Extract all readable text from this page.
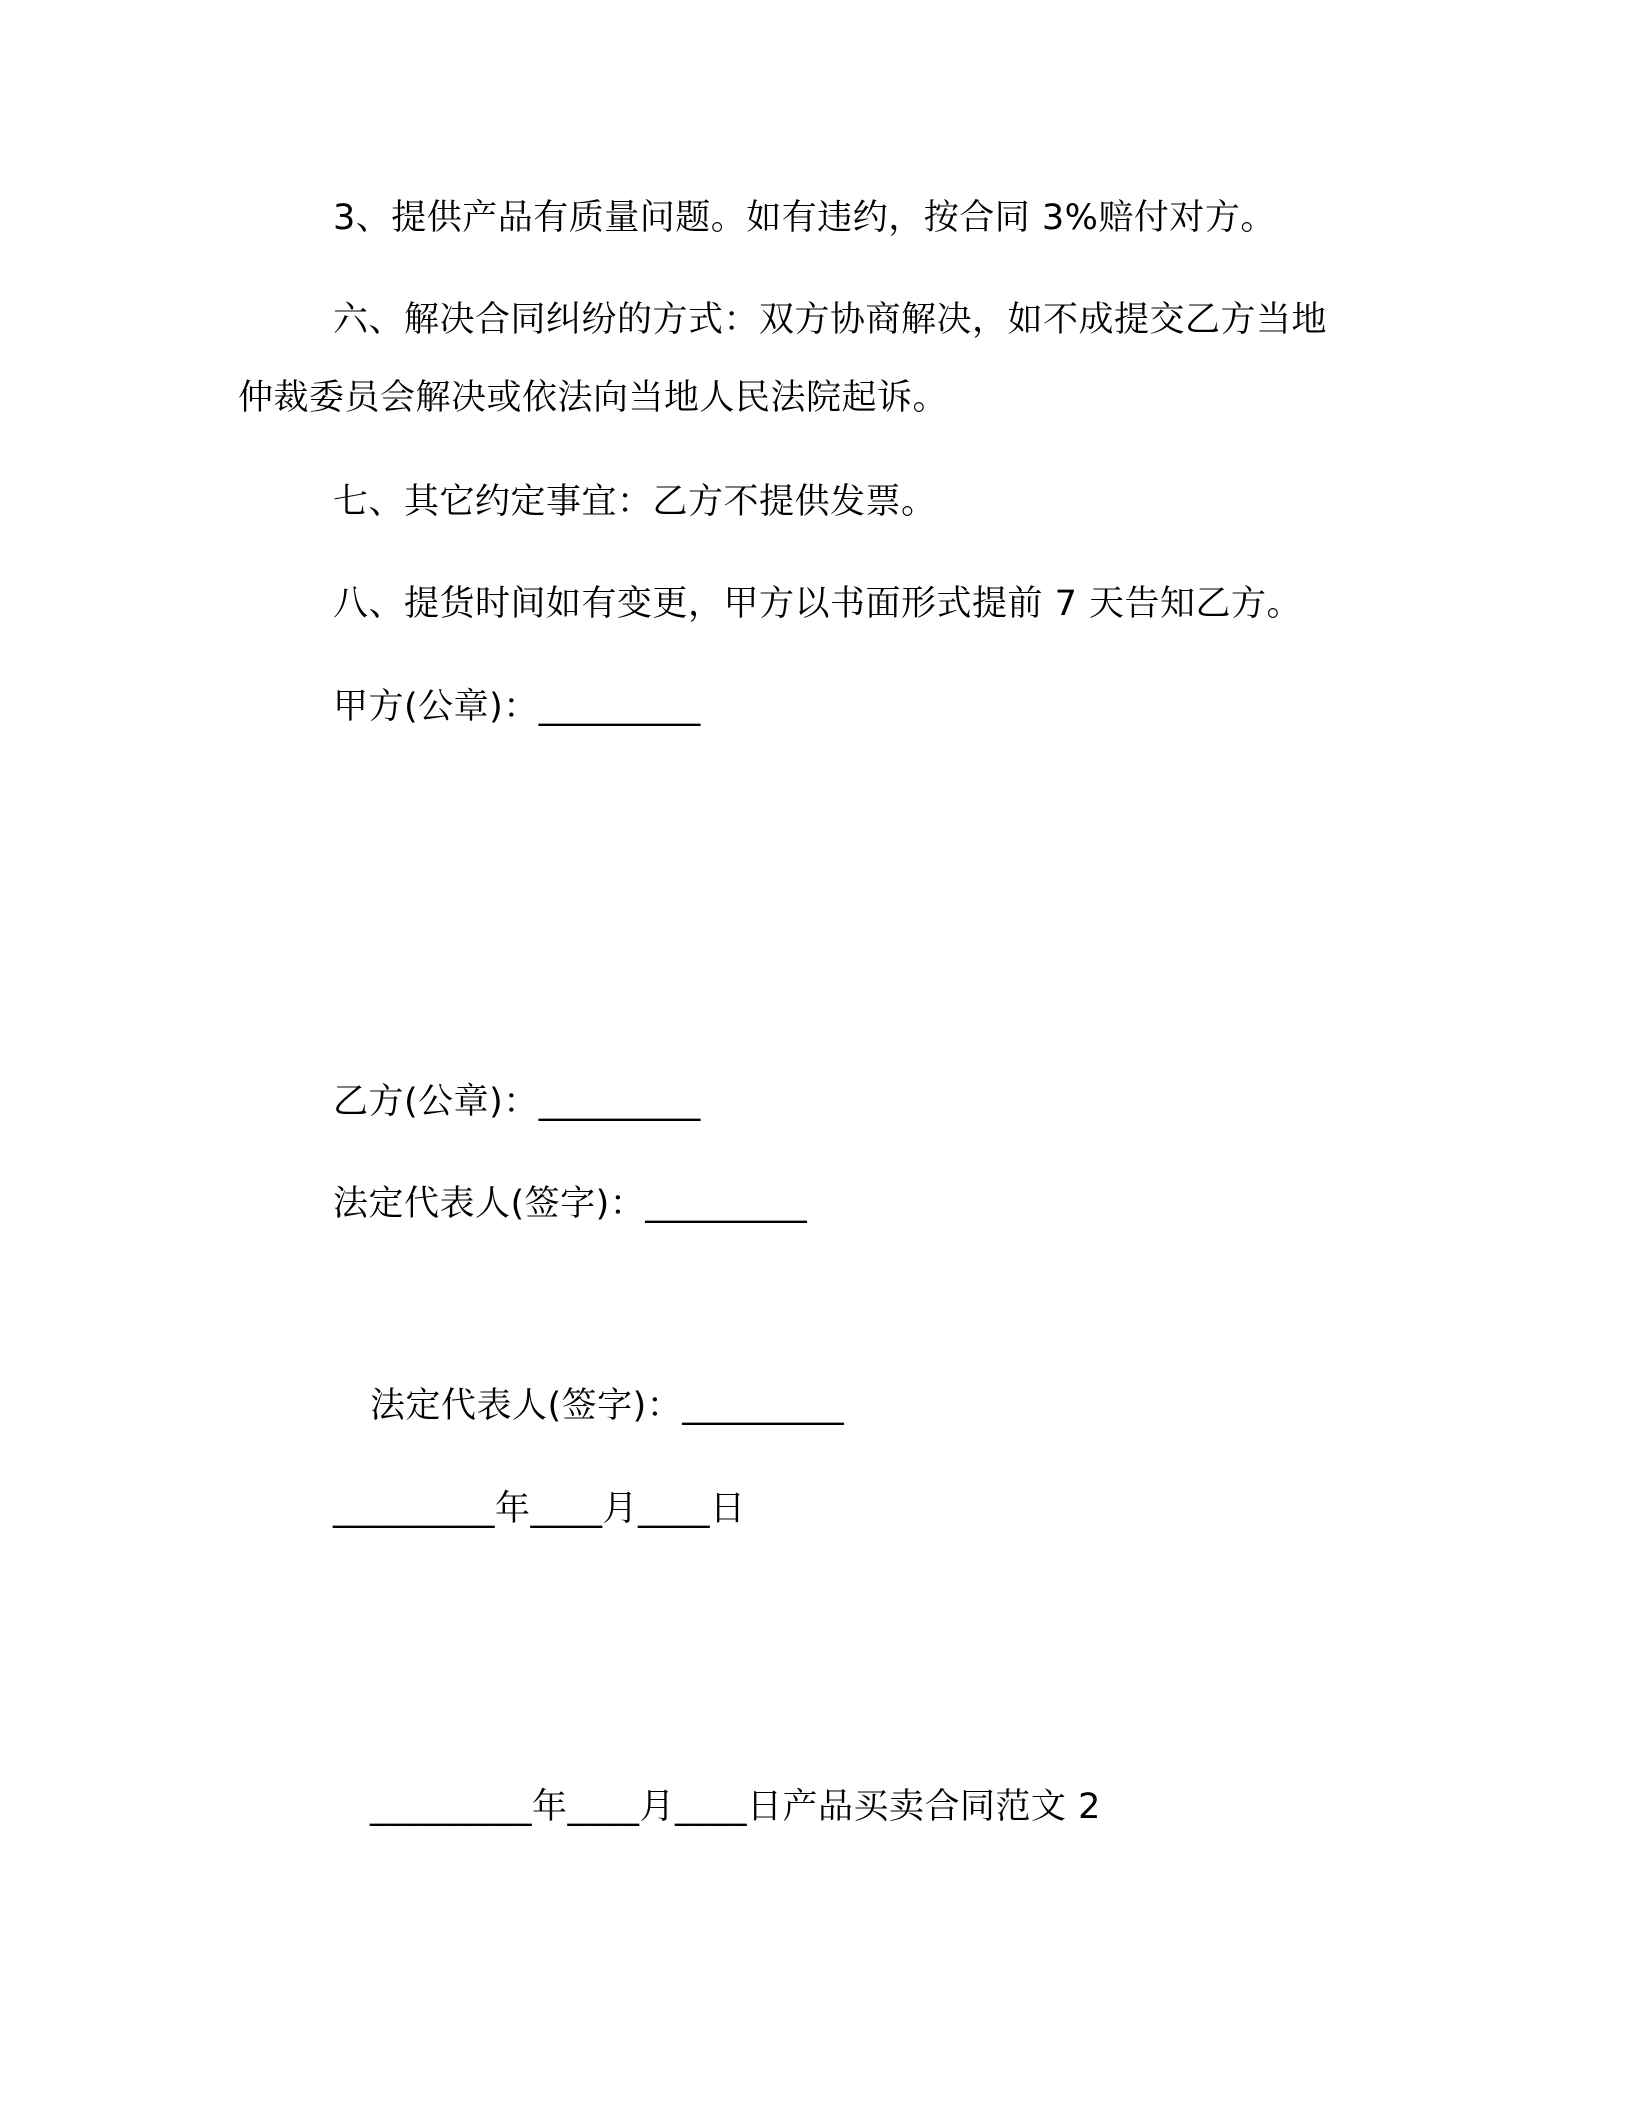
3、提供产品有质量问题。如有违约，按合同 3%赔付对方。
六、解决合同纠纷的方式：双方协商解决，如不成提交乙方当地
仲裁委员会解决或依法向当地人民法院起诉。
七、其它约定事宜：乙方不提供发票。
八、提货时间如有变更，甲方以书面形式提前 7 天告知乙方。
甲方(公章)：_________
乙方(公章)：_________
法定代表人(签字)：_________
法定代表人(签字)：_________
_________年____月____日
_________年____月____日产品买卖合同范文 2
